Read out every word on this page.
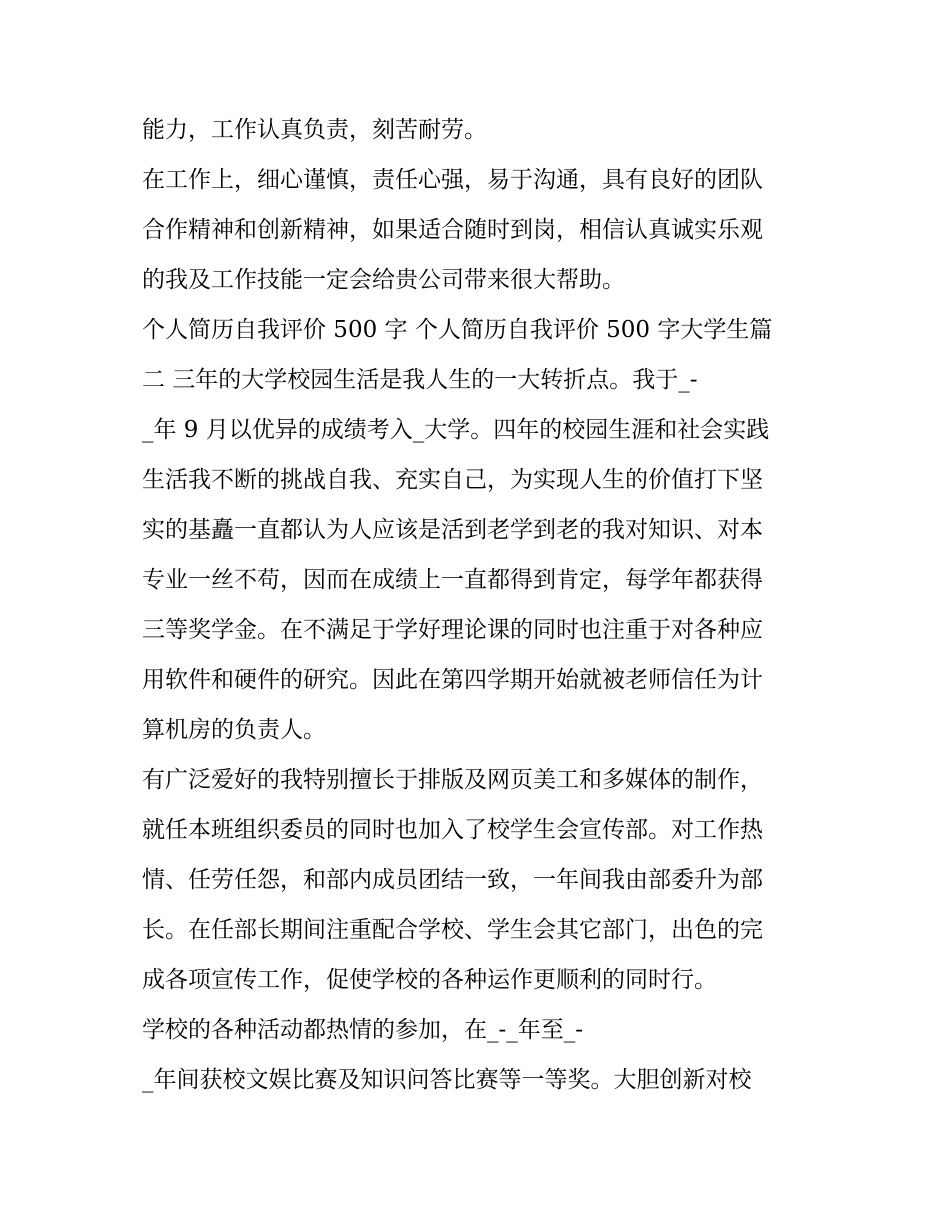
能力，工作认真负责，刻苦耐劳。
在工作上，细心谨慎，责任心强，易于沟通，具有良好的团队
合作精神和创新精神，如果适合随时到岗，相信认真诚实乐观
的我及工作技能一定会给贵公司带来很大帮助。
个人简历自我评价 500 字 个人简历自我评价 500 字大学生篇
二 三年的大学校园生活是我人生的一大转折点。我于_-
_年 9 月以优异的成绩考入_大学。四年的校园生涯和社会实践
生活我不断的挑战自我、充实自己，为实现人生的价值打下坚
实的基矗一直都认为人应该是活到老学到老的我对知识、对本
专业一丝不苟，因而在成绩上一直都得到肯定，每学年都获得
三等奖学金。在不满足于学好理论课的同时也注重于对各种应
用软件和硬件的研究。因此在第四学期开始就被老师信任为计
算机房的负责人。
有广泛爱好的我特别擅长于排版及网页美工和多媒体的制作，
就任本班组织委员的同时也加入了校学生会宣传部。对工作热
情、任劳任怨，和部内成员团结一致，一年间我由部委升为部
长。在任部长期间注重配合学校、学生会其它部门，出色的完
成各项宣传工作，促使学校的各种运作更顺利的同时行。
学校的各种活动都热情的参加，在_-_年至_-
_年间获校文娱比赛及知识问答比赛等一等奖。大胆创新对校
